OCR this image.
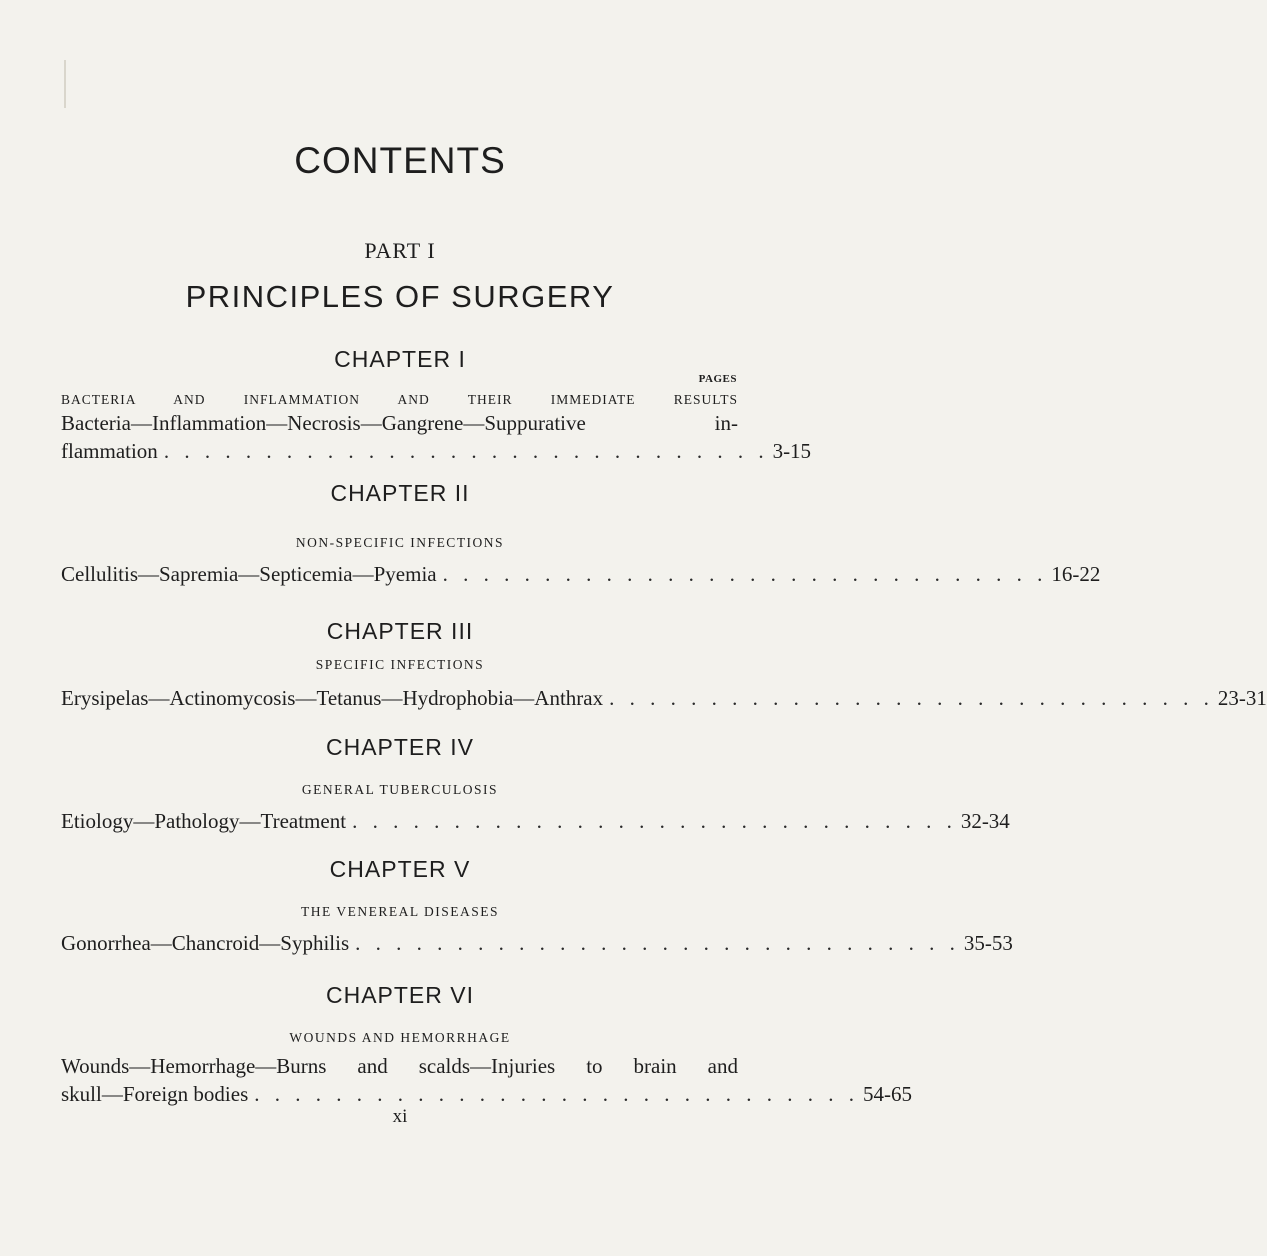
CONTENTS
PART I
PRINCIPLES OF SURGERY
CHAPTER I
PAGES
BACTERIA AND INFLAMMATION AND THEIR IMMEDIATE RESULTS
Bacteria—Inflammation—Necrosis—Gangrene—Suppurative in-
flammation . . . . . . . . . . . . . . . . . . . . . . . . . . . . . . 3-15
CHAPTER II
NON-SPECIFIC INFECTIONS
Cellulitis—Sapremia—Septicemia—Pyemia . . . . . . . . . . . . . . . . . . . . . . . . . . . . . . 16-22
CHAPTER III
SPECIFIC INFECTIONS
Erysipelas—Actinomycosis—Tetanus—Hydrophobia—Anthrax . . . . . . . . . . . . . . . . . . . . . . . . . . . . . . 23-31
CHAPTER IV
GENERAL TUBERCULOSIS
Etiology—Pathology—Treatment . . . . . . . . . . . . . . . . . . . . . . . . . . . . . . 32-34
CHAPTER V
THE VENEREAL DISEASES
Gonorrhea—Chancroid—Syphilis . . . . . . . . . . . . . . . . . . . . . . . . . . . . . . 35-53
CHAPTER VI
WOUNDS AND HEMORRHAGE
Wounds—Hemorrhage—Burns and scalds—Injuries to brain and
skull—Foreign bodies . . . . . . . . . . . . . . . . . . . . . . . . . . . . . . 54-65
xi
